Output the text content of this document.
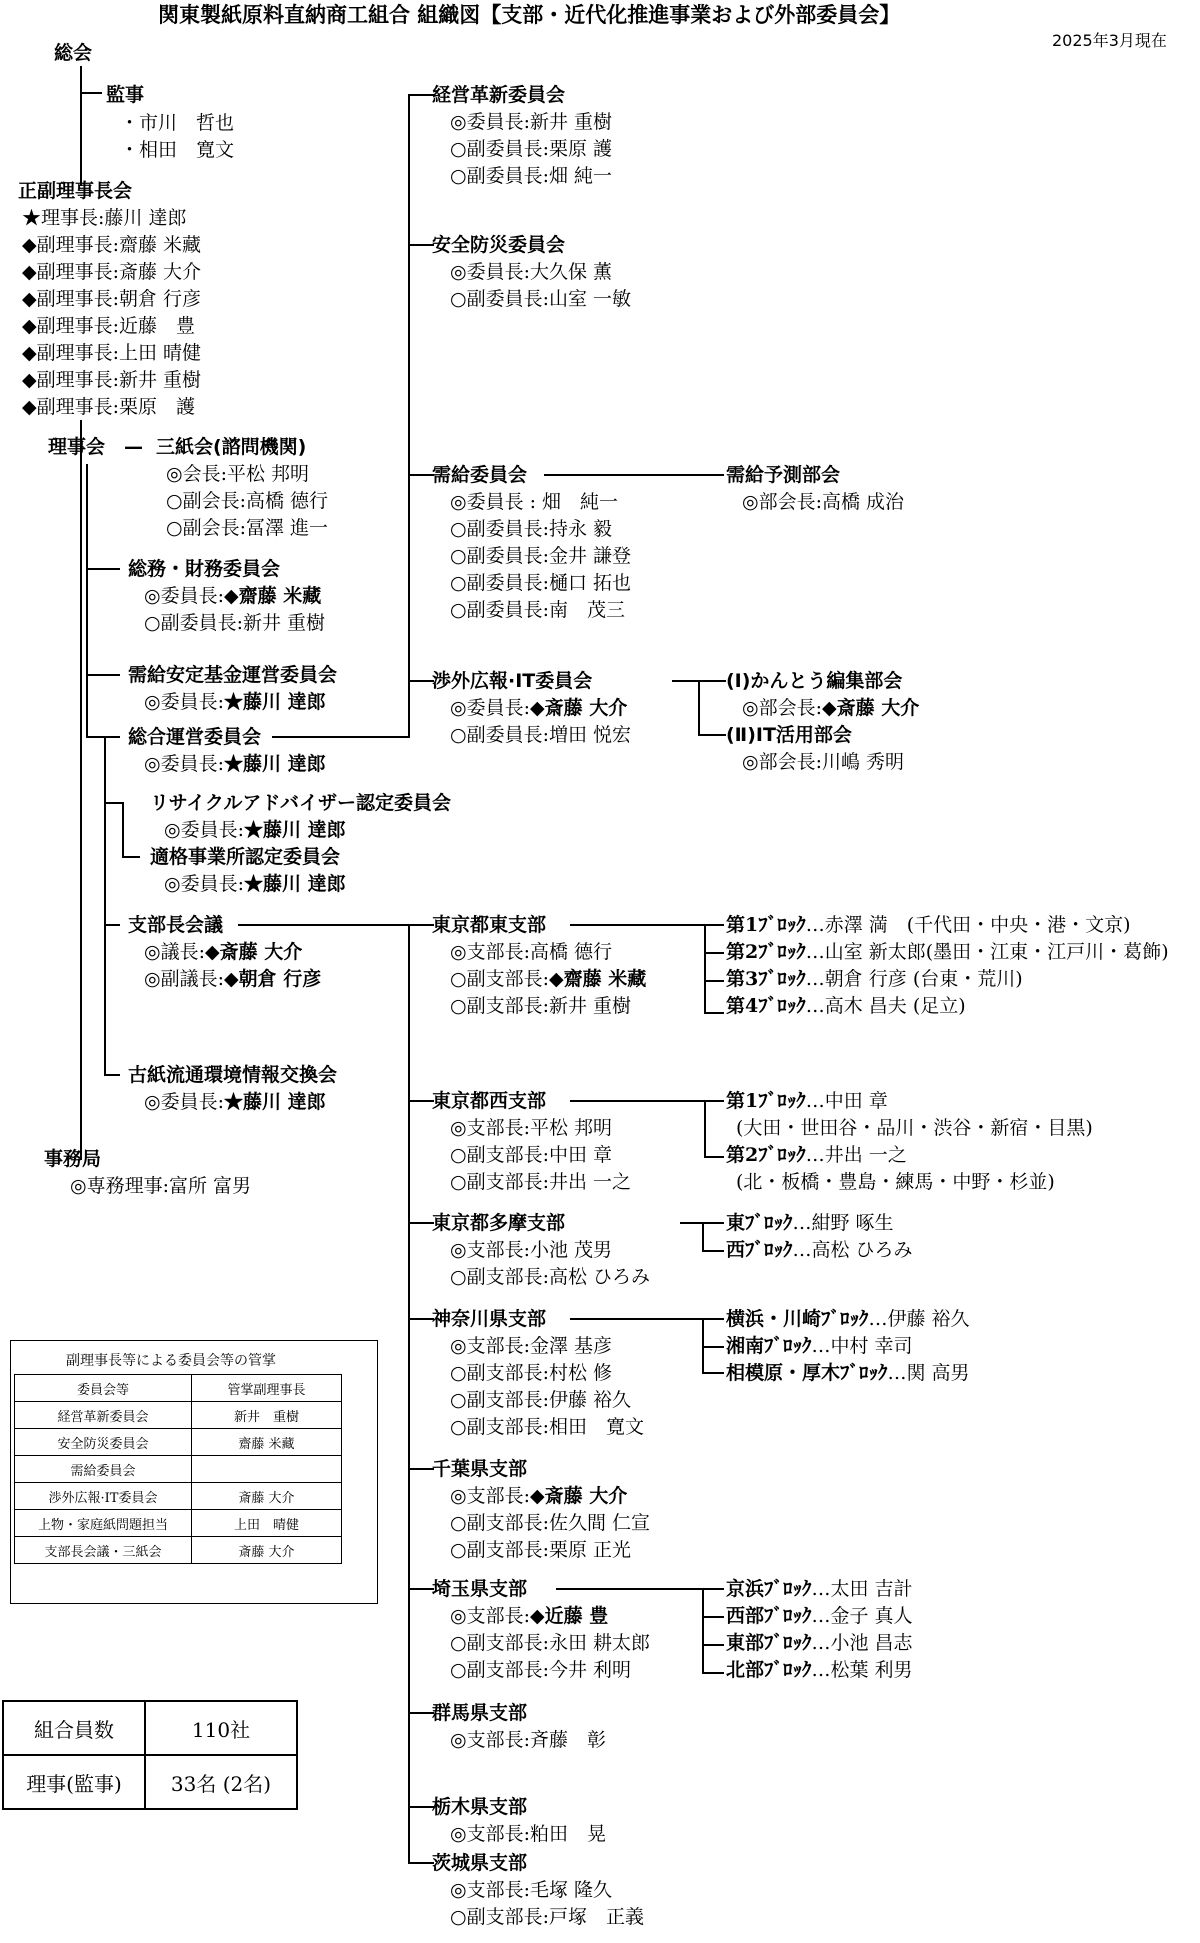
関東製紙原料直納商工組合 組織図【支部・近代化推進事業および外部委員会】
2025年3月現在
総会
監事
・市川　哲也
・相田　寛文
正副理事長会
★理事長:藤川 達郎
◆副理事長:齋藤 米藏
◆副理事長:斎藤 大介
◆副理事長:朝倉 行彦
◆副理事長:近藤　豊
◆副理事長:上田 晴健
◆副理事長:新井 重樹
◆副理事長:栗原　護
理事会 — 三紙会(諮問機関)
◎会長:平松 邦明
○副会長:高橋 德行
○副会長:冨澤 進一
総務・財務委員会
◎委員長:◆齋藤 米藏
○副委員長:新井 重樹
需給安定基金運営委員会
◎委員長:★藤川 達郎
総合運営委員会
◎委員長:★藤川 達郎
リサイクルアドバイザー認定委員会
◎委員長:★藤川 達郎
適格事業所認定委員会
◎委員長:★藤川 達郎
支部長会議
◎議長:◆斎藤 大介
◎副議長:◆朝倉 行彦
古紙流通環境情報交換会
◎委員長:★藤川 達郎
事務局
◎専務理事:富所 富男
経営革新委員会
◎委員長:新井 重樹
○副委員長:栗原 護
○副委員長:畑 純一
安全防災委員会
◎委員長:大久保 薫
○副委員長:山室 一敏
需給委員会
◎委員長 : 畑　純一
○副委員長:持永 毅
○副委員長:金井 謙登
○副委員長:樋口 拓也
○副委員長:南　茂三
渉外広報·IT委員会
◎委員長:◆斎藤 大介
○副委員長:増田 悦宏
需給予測部会
◎部会長:高橋 成治
(Ⅰ)かんとう編集部会
◎部会長:◆斎藤 大介
(Ⅱ)IT活用部会
◎部会長:川嶋 秀明
東京都東支部
◎支部長:高橋 德行
○副支部長:◆齋藤 米藏
○副支部長:新井 重樹
第1ﾌﾞﾛｯｸ…赤澤 満　(千代田・中央・港・文京)
第2ﾌﾞﾛｯｸ…山室 新太郎(墨田・江東・江戸川・葛飾)
第3ﾌﾞﾛｯｸ…朝倉 行彦 (台東・荒川)
第4ﾌﾞﾛｯｸ…高木 昌夫 (足立)
東京都西支部
◎支部長:平松 邦明
○副支部長:中田 章
○副支部長:井出 一之
第1ﾌﾞﾛｯｸ…中田 章
(大田・世田谷・品川・渋谷・新宿・目黒)
第2ﾌﾞﾛｯｸ…井出 一之
(北・板橋・豊島・練馬・中野・杉並)
東京都多摩支部
◎支部長:小池 茂男
○副支部長:高松 ひろみ
東ﾌﾞﾛｯｸ…紺野 啄生
西ﾌﾞﾛｯｸ…高松 ひろみ
神奈川県支部
◎支部長:金澤 基彦
○副支部長:村松 修
○副支部長:伊藤 裕久
○副支部長:相田　寛文
横浜・川崎ﾌﾞﾛｯｸ…伊藤 裕久
湘南ﾌﾞﾛｯｸ…中村 幸司
相模原・厚木ﾌﾞﾛｯｸ…関 高男
千葉県支部
◎支部長:◆斎藤 大介
○副支部長:佐久間 仁宣
○副支部長:栗原 正光
埼玉県支部
◎支部長:◆近藤 豊
○副支部長:永田 耕太郎
○副支部長:今井 利明
京浜ﾌﾞﾛｯｸ…太田 吉計
西部ﾌﾞﾛｯｸ…金子 真人
東部ﾌﾞﾛｯｸ…小池 昌志
北部ﾌﾞﾛｯｸ…松葉 利男
群馬県支部
◎支部長:斉藤　彰
栃木県支部
◎支部長:粕田　晃
茨城県支部
◎支部長:毛塚 隆久
○副支部長:戸塚　正義
副理事長等による委員会等の管掌
委員会等	管掌副理事長
経営革新委員会	新井　重樹
安全防災委員会	齋藤 米藏
需給委員会	
渉外広報·IT委員会	斎藤 大介
上物・家庭紙問題担当	上田　晴健
支部長会議・三紙会	斎藤 大介
組合員数	110社
理事(監事)	33名 (2名)
